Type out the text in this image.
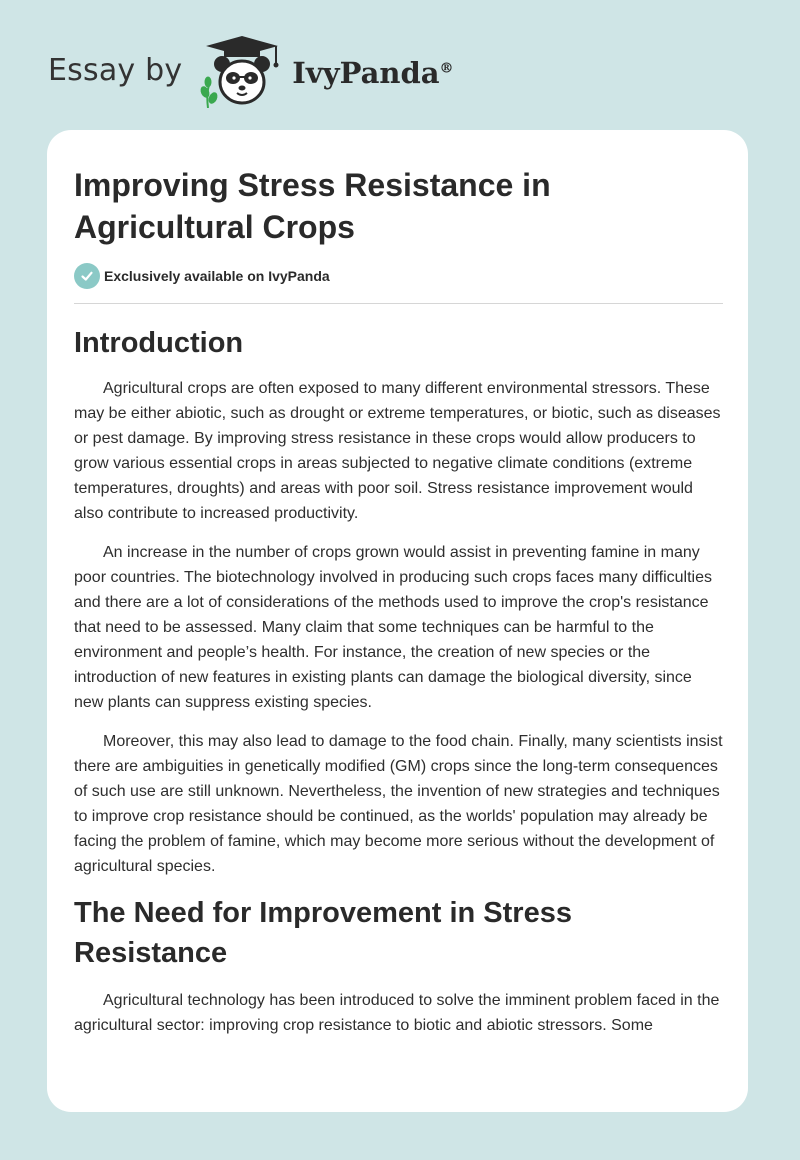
Essay by	IvyPanda®
Improving Stress Resistance in Agricultural Crops
Exclusively available on IvyPanda
Introduction

Agricultural crops are often exposed to many different environmental stressors. These may be either abiotic, such as drought or extreme temperatures, or biotic, such as diseases or pest damage. By improving stress resistance in these crops would allow producers to grow various essential crops in areas subjected to negative climate conditions (extreme temperatures, droughts) and areas with poor soil. Stress resistance improvement would also contribute to increased productivity.

An increase in the number of crops grown would assist in preventing famine in many poor countries. The biotechnology involved in producing such crops faces many difficulties and there are a lot of considerations of the methods used to improve the crop's resistance that need to be assessed. Many claim that some techniques can be harmful to the environment and people’s health. For instance, the creation of new species or the introduction of new features in existing plants can damage the biological diversity, since new plants can suppress existing species.

Moreover, this may also lead to damage to the food chain. Finally, many scientists insist there are ambiguities in genetically modified (GM) crops since the long-term consequences of such use are still unknown. Nevertheless, the invention of new strategies and techniques to improve crop resistance should be continued, as the worlds' population may already be facing the problem of famine, which may become more serious without the development of agricultural species.

The Need for Improvement in Stress Resistance

Agricultural technology has been introduced to solve the imminent problem faced in the agricultural sector: improving crop resistance to biotic and abiotic stressors. Some
